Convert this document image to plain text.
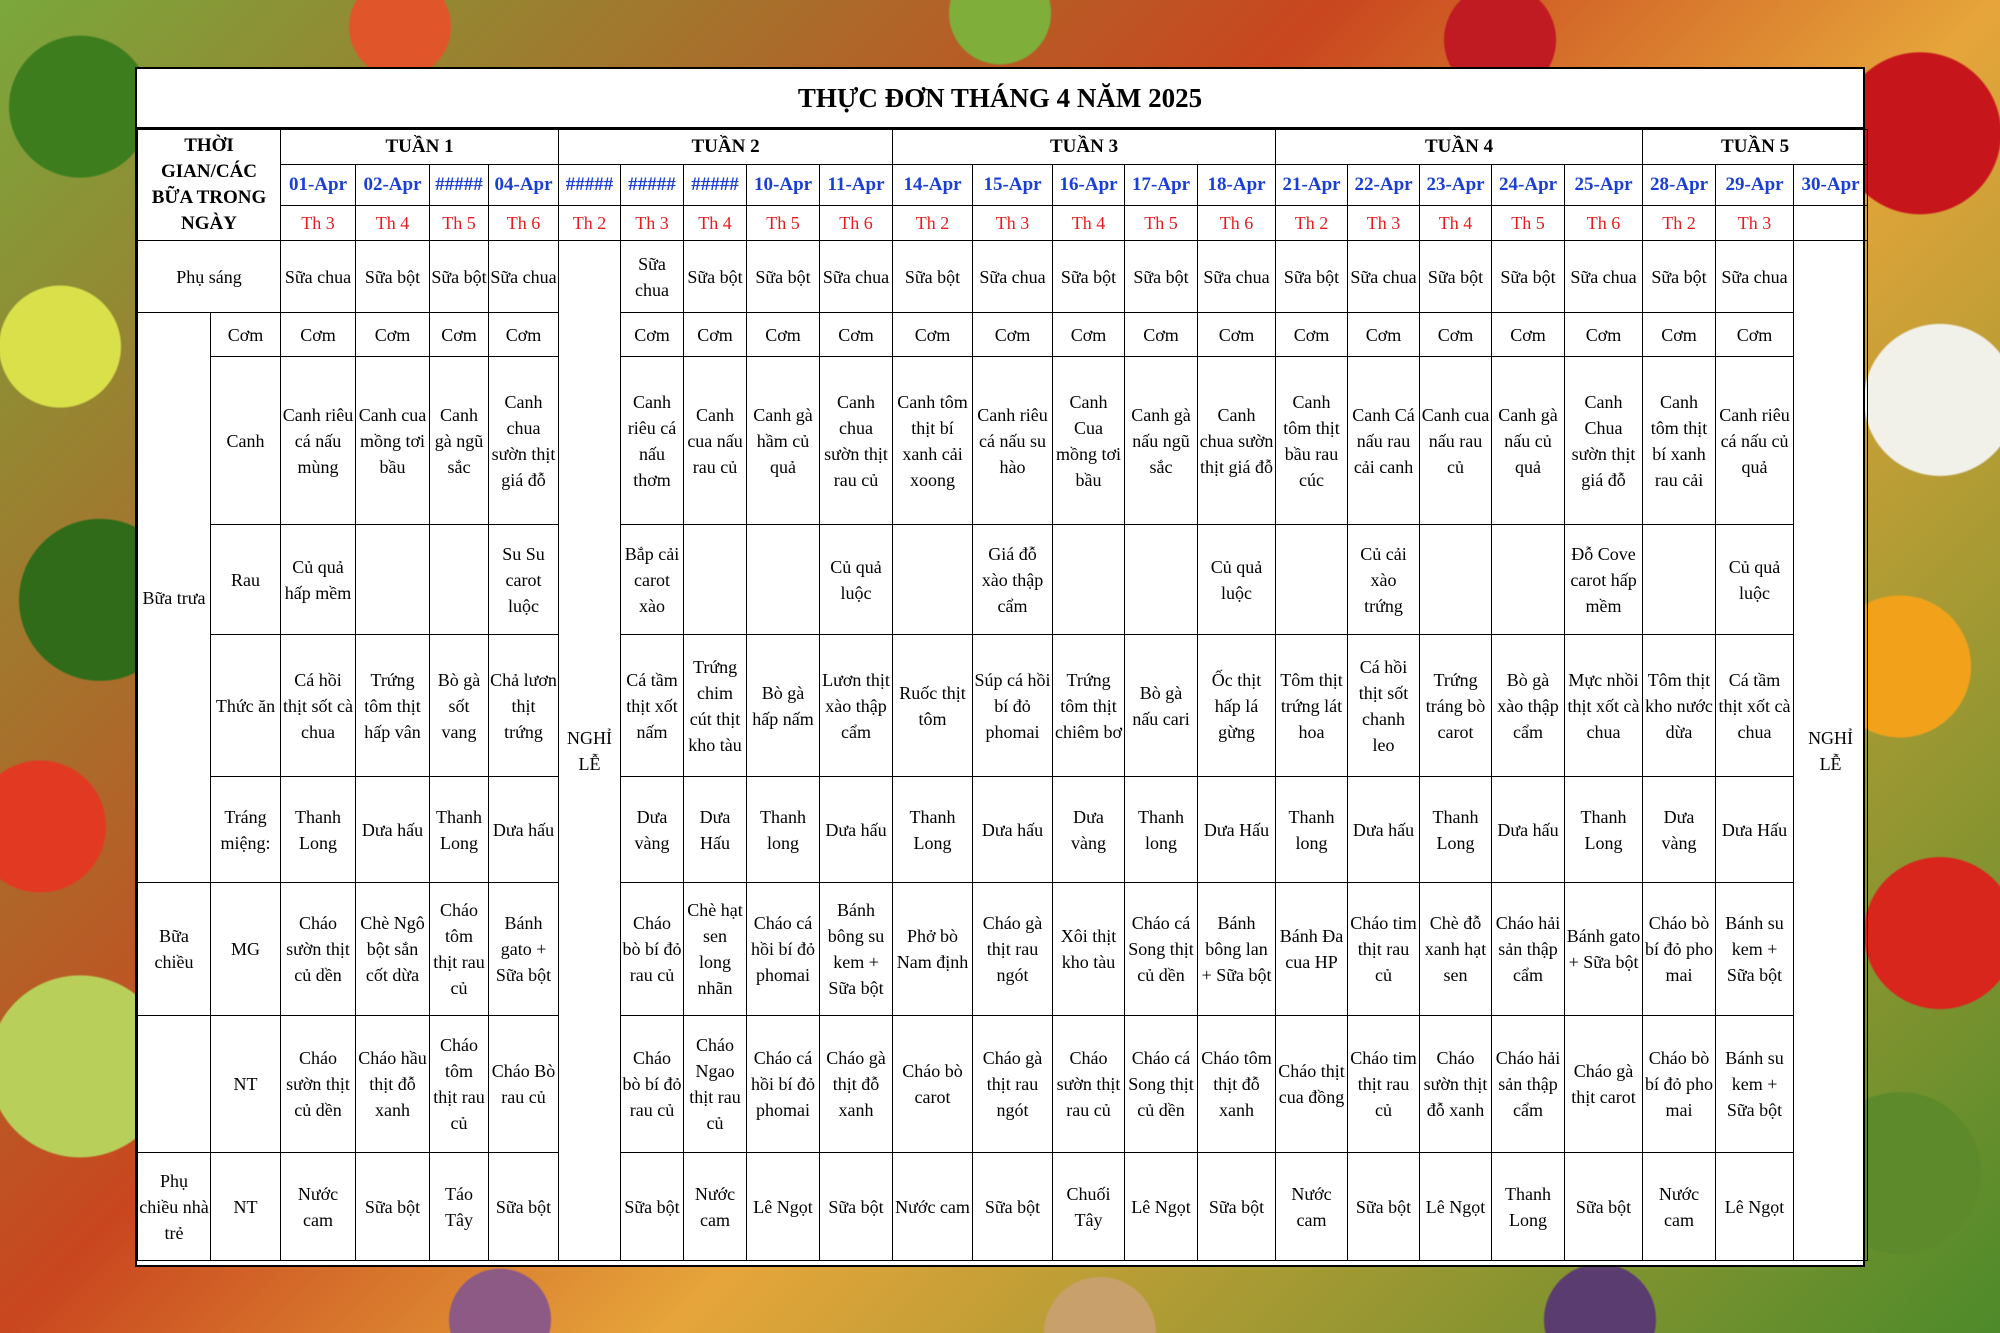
THỰC ĐƠN THÁNG 4 NĂM 2025
THỜI GIAN/CÁC BỮA TRONG NGÀY		TUẦN 1				TUẦN 2					TUẦN 3					TUẦN 4					TUẦN 5		
		01-Apr	02-Apr	#####	04-Apr	#####	#####	#####	10-Apr	11-Apr	14-Apr	15-Apr	16-Apr	17-Apr	18-Apr	21-Apr	22-Apr	23-Apr	24-Apr	25-Apr	28-Apr	29-Apr	30-Apr
		Th 3	Th 4	Th 5	Th 6	Th 2	Th 3	Th 4	Th 5	Th 6	Th 2	Th 3	Th 4	Th 5	Th 6	Th 2	Th 3	Th 4	Th 5	Th 6	Th 2	Th 3	
Phụ sáng		Sữa chua	Sữa bột	Sữa bột	Sữa chua	NGHỈ LỄ	Sữa chua	Sữa bột	Sữa bột	Sữa chua	Sữa bột	Sữa chua	Sữa bột	Sữa bột	Sữa chua	Sữa bột	Sữa chua	Sữa bột	Sữa bột	Sữa chua	Sữa bột	Sữa chua	NGHỈ LỄ
Bữa trưa	Cơm	Cơm	Cơm	Cơm	Cơm		Cơm	Cơm	Cơm	Cơm	Cơm	Cơm	Cơm	Cơm	Cơm	Cơm	Cơm	Cơm	Cơm	Cơm	Cơm	Cơm	
	Canh	Canh riêu cá nấu mùng	Canh cua mồng tơi bầu	Canh gà ngũ sắc	Canh chua sườn thịt giá đỗ		Canh riêu cá nấu thơm	Canh cua nấu rau củ	Canh gà hầm củ quả	Canh chua sườn thịt rau củ	Canh tôm thịt bí xanh cải xoong	Canh riêu cá nấu su hào	Canh Cua mồng tơi bầu	Canh gà nấu ngũ sắc	Canh chua sườn thịt giá đỗ	Canh tôm thịt bầu rau cúc	Canh Cá nấu rau cải canh	Canh cua nấu rau củ	Canh gà nấu củ quả	Canh Chua sườn thịt giá đỗ	Canh tôm thịt bí xanh rau cải	Canh riêu cá nấu củ quả	
	Rau	Củ quả hấp mềm			Su Su carot luộc		Bắp cải carot xào			Củ quả luộc		Giá đỗ xào thập cẩm			Củ quả luộc		Củ cải xào trứng			Đỗ Cove carot hấp mềm		Củ quả luộc	
	Thức ăn	Cá hồi thịt sốt cà chua	Trứng tôm thịt hấp vân	Bò gà sốt vang	Chả lươn thịt trứng		Cá tầm thịt xốt nấm	Trứng chim cút thịt kho tàu	Bò gà hấp nấm	Lươn thịt xào thập cẩm	Ruốc thịt tôm	Súp cá hồi bí đỏ phomai	Trứng tôm thịt chiêm bơ	Bò gà nấu cari	Ốc thịt hấp lá gừng	Tôm thịt trứng lát hoa	Cá hồi thịt sốt chanh leo	Trứng tráng bò carot	Bò gà xào thập cẩm	Mực nhồi thịt xốt cà chua	Tôm thịt kho nước dừa	Cá tầm thịt xốt cà chua	
	Tráng miệng:	Thanh Long	Dưa hấu	Thanh Long	Dưa hấu		Dưa vàng	Dưa Hấu	Thanh long	Dưa hấu	Thanh Long	Dưa hấu	Dưa vàng	Thanh long	Dưa Hấu	Thanh long	Dưa hấu	Thanh Long	Dưa hấu	Thanh Long	Dưa vàng	Dưa Hấu	
Bữa chiều	MG	Cháo sườn thịt củ dền	Chè Ngô bột sắn cốt dừa	Cháo tôm thịt rau củ	Bánh gato + Sữa bột		Cháo bò bí đỏ rau củ	Chè hạt sen long nhãn	Cháo cá hồi bí đỏ phomai	Bánh bông su kem + Sữa bột	Phở bò Nam định	Cháo gà thịt rau ngót	Xôi thịt kho tàu	Cháo cá Song thịt củ dền	Bánh bông lan + Sữa bột	Bánh Đa cua HP	Cháo tim thịt rau củ	Chè đỗ xanh hạt sen	Cháo hải sản thập cẩm	Bánh gato + Sữa bột	Cháo bò bí đỏ pho mai	Bánh su kem + Sữa bột	
	NT	Cháo sườn thịt củ dền	Cháo hầu thịt đỗ xanh	Cháo tôm thịt rau củ	Cháo Bò rau củ		Cháo bò bí đỏ rau củ	Cháo Ngao thịt rau củ	Cháo cá hồi bí đỏ phomai	Cháo gà thịt đỗ xanh	Cháo bò carot	Cháo gà thịt rau ngót	Cháo sườn thịt rau củ	Cháo cá Song thịt củ dền	Cháo tôm thịt đỗ xanh	Cháo thịt cua đồng	Cháo tim thịt rau củ	Cháo sườn thịt đỗ xanh	Cháo hải sản thập cẩm	Cháo gà thịt carot	Cháo bò bí đỏ pho mai	Bánh su kem + Sữa bột	
Phụ chiều nhà trẻ	NT	Nước cam	Sữa bột	Táo Tây	Sữa bột		Sữa bột	Nước cam	Lê Ngọt	Sữa bột	Nước cam	Sữa bột	Chuối Tây	Lê Ngọt	Sữa bột	Nước cam	Sữa bột	Lê Ngọt	Thanh Long	Sữa bột	Nước cam	Lê Ngọt	
